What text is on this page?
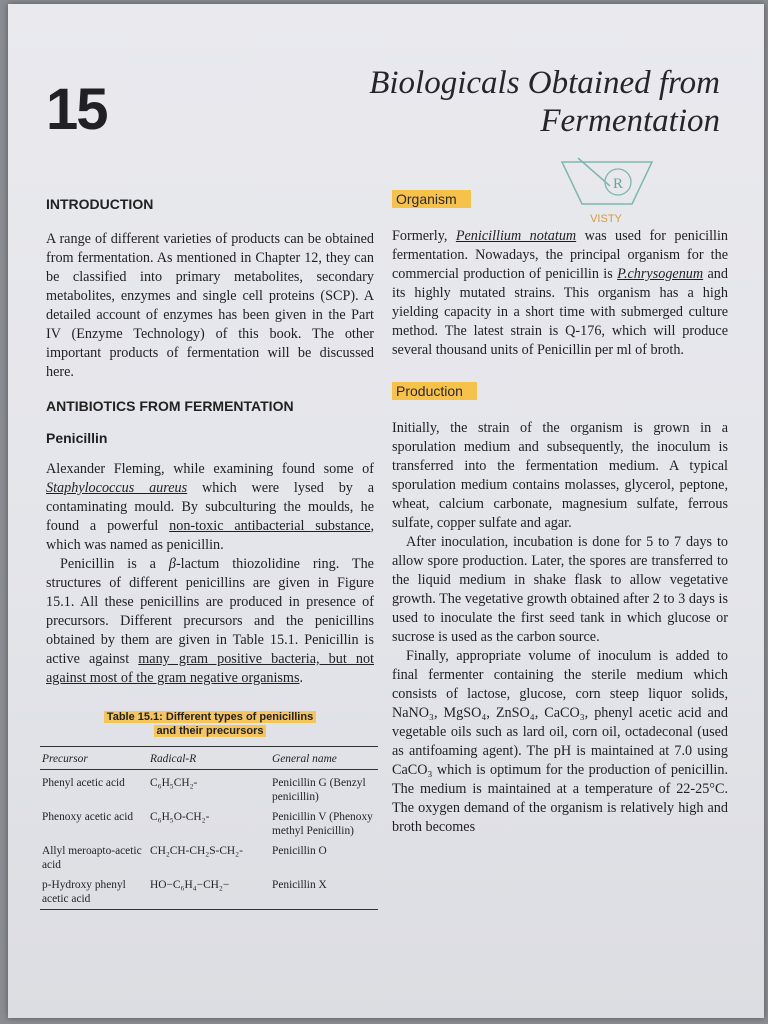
15	Biologicals Obtained from
Fermentation
R
VISTY
INTRODUCTION

A range of different varieties of products can be obtained from fermentation. As mentioned in Chapter 12, they can be classified into primary metabolites, secondary metabolites, enzymes and single cell proteins (SCP). A detailed account of enzymes has been given in the Part IV (Enzyme Technology) of this book. The other important products of fermentation will be discussed here.

ANTIBIOTICS FROM FERMENTATION
Penicillin

Alexander Fleming, while examining found some of Staphylococcus aureus which were lysed by a contaminating mould. By subculturing the moulds, he found a powerful non-toxic antibacterial substance, which was named as penicillin.

Penicillin is a β-lactum thiozolidine ring. The structures of different penicillins are given in Figure 15.1. All these penicillins are produced in presence of precursors. Different precursors and the penicillins obtained by them are given in Table 15.1. Penicillin is active against many gram positive bacteria, but not against most of the gram negative organisms.

Table 15.1: Different types of penicillins
and their precursors
Precursor	Radical-R	General name
Phenyl acetic acid	C₆H₅CH₂-	Penicillin G (Benzyl penicillin)
Phenoxy acetic acid	C₆H₅O-CH₂-	Penicillin V (Phenoxy methyl Penicillin)
Allyl meroapto-acetic acid	CH₂CH-CH₂S-CH₂-	Penicillin O
p-Hydroxy phenyl acetic acid	HO−C₆H₄−CH₂−	Penicillin X
Organism

Formerly, Penicillium notatum was used for penicillin fermentation. Nowadays, the principal organism for the commercial production of penicillin is P.chrysogenum and its highly mutated strains. This organism has a high yielding capacity in a short time with submerged culture method. The latest strain is Q-176, which will produce several thousand units of Penicillin per ml of broth.

Production

Initially, the strain of the organism is grown in a sporulation medium and subsequently, the inoculum is transferred into the fermentation medium. A typical sporulation medium contains molasses, glycerol, peptone, wheat, calcium carbonate, magnesium sulfate, ferrous sulfate, copper sulfate and agar.

After inoculation, incubation is done for 5 to 7 days to allow spore production. Later, the spores are transferred to the liquid medium in shake flask to allow vegetative growth. The vegetative growth obtained after 2 to 3 days is used to inoculate the first seed tank in which glucose or sucrose is used as the carbon source.

Finally, appropriate volume of inoculum is added to final fermenter containing the sterile medium which consists of lactose, glucose, corn steep liquor solids, NaNO₃, MgSO₄, ZnSO₄, CaCO₃, phenyl acetic acid and vegetable oils such as lard oil, corn oil, octadeconal (used as antifoaming agent). The pH is maintained at 7.0 using CaCO₃ which is optimum for the production of penicillin. The medium is maintained at a temperature of 22-25°C. The oxygen demand of the organism is relatively high and broth becomes
